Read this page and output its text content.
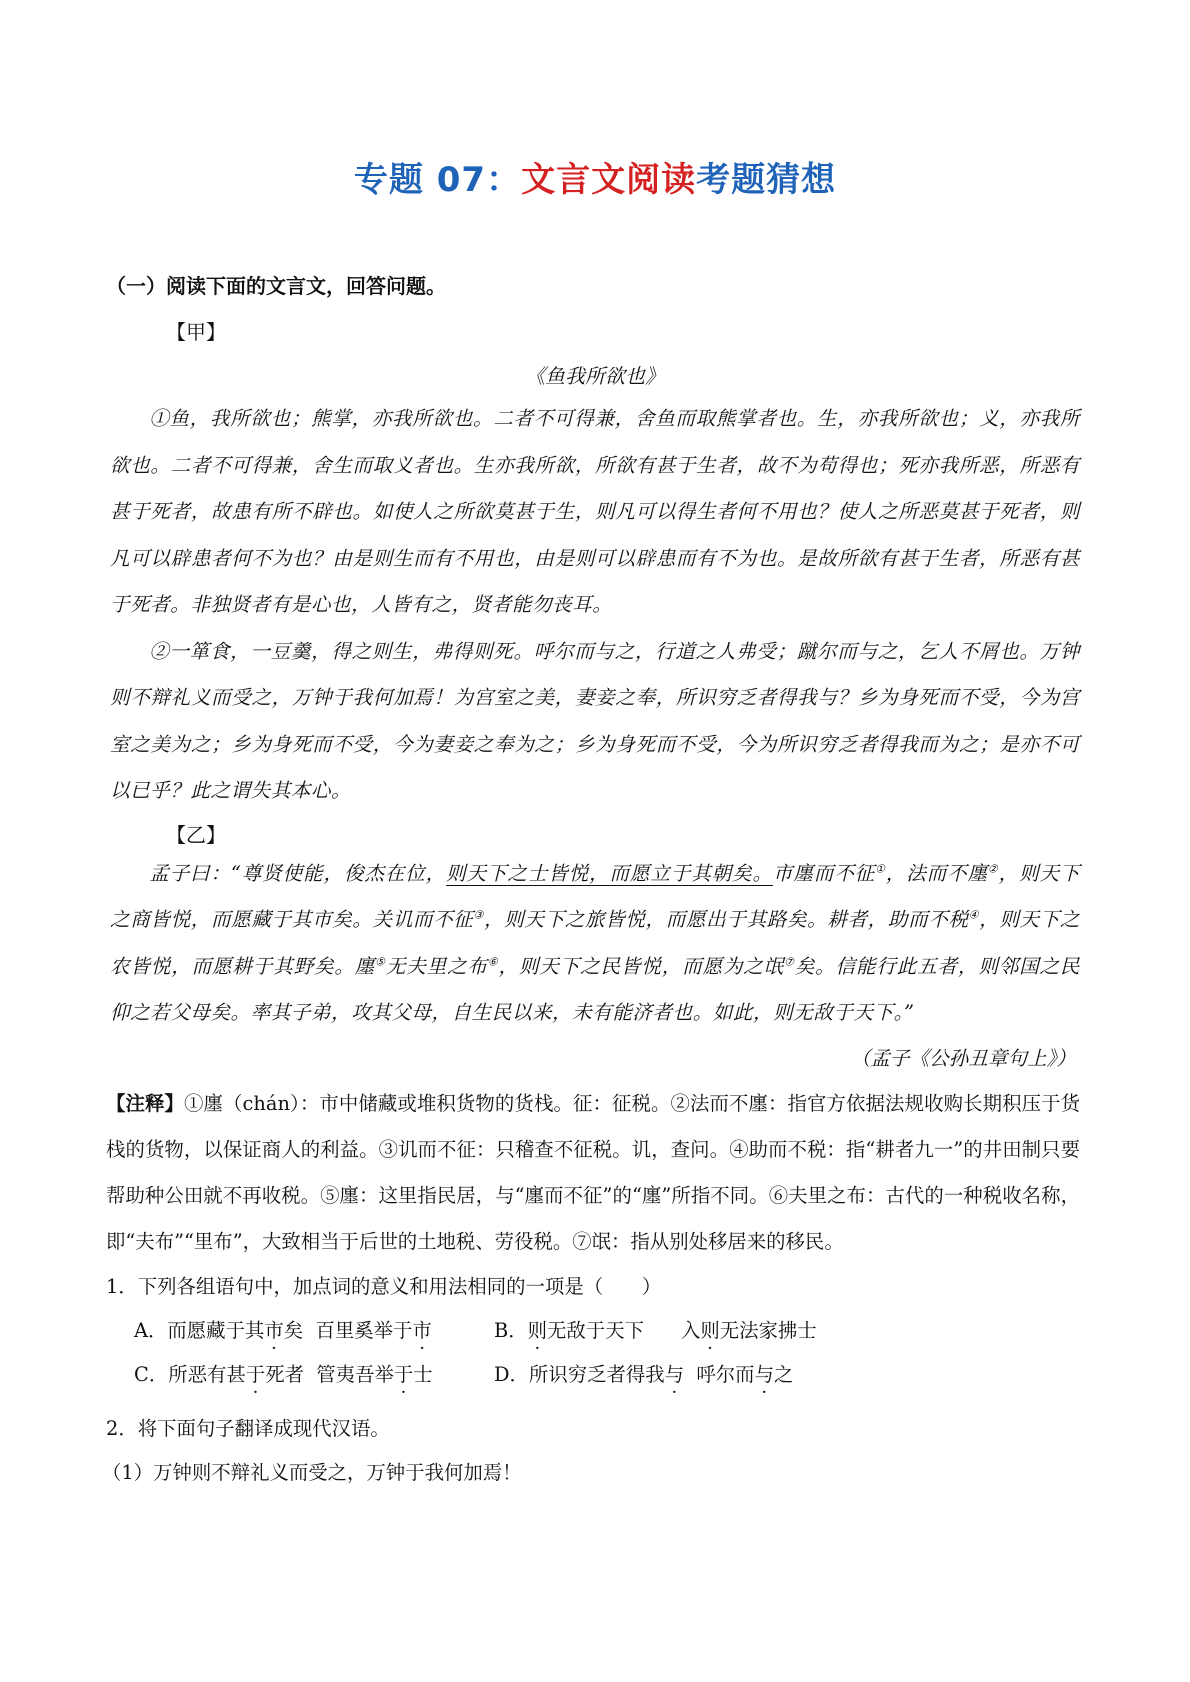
专题 07：文言文阅读考题猜想
（一）阅读下面的文言文，回答问题。
【甲】
《鱼我所欲也》
①鱼，我所欲也；熊掌，亦我所欲也。二者不可得兼，舍鱼而取熊掌者也。生，亦我所欲也；义，亦我所欲也。二者不可得兼，舍生而取义者也。生亦我所欲，所欲有甚于生者，故不为苟得也；死亦我所恶，所恶有甚于死者，故患有所不辟也。如使人之所欲莫甚于生，则凡可以得生者何不用也？使人之所恶莫甚于死者，则凡可以辟患者何不为也？由是则生而有不用也，由是则可以辟患而有不为也。是故所欲有甚于生者，所恶有甚于死者。非独贤者有是心也，人皆有之，贤者能勿丧耳。
②一箪食，一豆羹，得之则生，弗得则死。呼尔而与之，行道之人弗受；蹴尔而与之，乞人不屑也。万钟则不辩礼义而受之，万钟于我何加焉！为宫室之美，妻妾之奉，所识穷乏者得我与？乡为身死而不受，今为宫室之美为之；乡为身死而不受，今为妻妾之奉为之；乡为身死而不受，今为所识穷乏者得我而为之；是亦不可以已乎？此之谓失其本心。
【乙】
孟子曰：“尊贤使能，俊杰在位，则天下之士皆悦，而愿立于其朝矣。市廛而不征①，法而不廛②，则天下之商皆悦，而愿藏于其市矣。关讥而不征③，则天下之旅皆悦，而愿出于其路矣。耕者，助而不税④，则天下之农皆悦，而愿耕于其野矣。廛⑤无夫里之布⑥，则天下之民皆悦，而愿为之氓⑦矣。信能行此五者，则邻国之民仰之若父母矣。率其子弟，攻其父母，自生民以来，未有能济者也。如此，则无敌于天下。”
（孟子《公孙丑章句上》）
【注释】①廛（chán）：市中储藏或堆积货物的货栈。征：征税。②法而不廛：指官方依据法规收购长期积压于货栈的货物，以保证商人的利益。③讥而不征：只稽查不征税。讥，查问。④助而不税：指“耕者九一”的井田制只要帮助种公田就不再收税。⑤廛：这里指民居，与“廛而不征”的“廛”所指不同。⑥夫里之布：古代的一种税收名称，即“夫布”“里布”，大致相当于后世的土地税、劳役税。⑦氓：指从别处移居来的移民。
1．下列各组语句中，加点词的意义和用法相同的一项是（　　）
A．而愿藏于其市矣  百里奚举于市	B．则无敌于天下      入则无法家拂士
C．所恶有甚于死者  管夷吾举于士	D．所识穷乏者得我与  呼尔而与之
2．将下面句子翻译成现代汉语。
（1）万钟则不辩礼义而受之，万钟于我何加焉！
